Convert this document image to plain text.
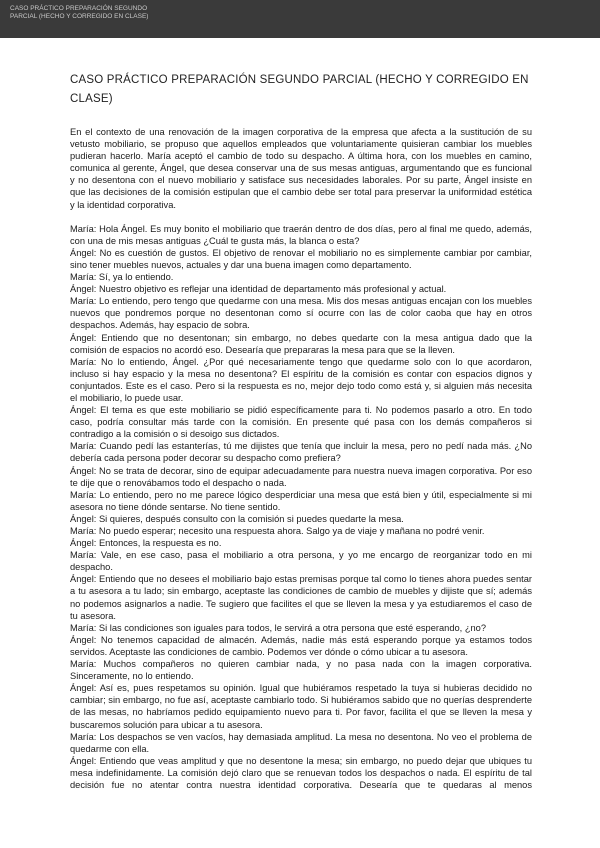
CASO PRÁCTICO PREPARACIÓN SEGUNDO PARCIAL (HECHO Y CORREGIDO EN CLASE)
CASO PRÁCTICO PREPARACIÓN SEGUNDO PARCIAL (HECHO Y CORREGIDO EN CLASE)

En el contexto de una renovación de la imagen corporativa de la empresa que afecta a la sustitución de su vetusto mobiliario, se propuso que aquellos empleados que voluntariamente quisieran cambiar los muebles pudieran hacerlo. María aceptó el cambio de todo su despacho. A última hora, con los muebles en camino, comunica al gerente, Ángel, que desea conservar una de sus mesas antiguas, argumentando que es funcional y no desentona con el nuevo mobiliario y satisface sus necesidades laborales. Por su parte, Ángel insiste en que las decisiones de la comisión estipulan que el cambio debe ser total para preservar la uniformidad estética y la identidad corporativa.

María: Hola Ángel. Es muy bonito el mobiliario que traerán dentro de dos días, pero al final me quedo, además, con una de mis mesas antiguas ¿Cuál te gusta más, la blanca o esta?

Ángel: No es cuestión de gustos. El objetivo de renovar el mobiliario no es simplemente cambiar por cambiar, sino tener muebles nuevos, actuales y dar una buena imagen como departamento.

María: Sí, ya lo entiendo.

Ángel: Nuestro objetivo es reflejar una identidad de departamento más profesional y actual.

María: Lo entiendo, pero tengo que quedarme con una mesa. Mis dos mesas antiguas encajan con los muebles nuevos que pondremos porque no desentonan como sí ocurre con las de color caoba que hay en otros despachos. Además, hay espacio de sobra.

Ángel: Entiendo que no desentonan; sin embargo, no debes quedarte con la mesa antigua dado que la comisión de espacios no acordó eso. Desearía que prepararas la mesa para que se la lleven.

María: No lo entiendo, Ángel. ¿Por qué necesariamente tengo que quedarme solo con lo que acordaron, incluso si hay espacio y la mesa no desentona? El espíritu de la comisión es contar con espacios dignos y conjuntados. Este es el caso. Pero si la respuesta es no, mejor dejo todo como está y, si alguien más necesita el mobiliario, lo puede usar.

Ángel: El tema es que este mobiliario se pidió específicamente para ti. No podemos pasarlo a otro. En todo caso, podría consultar más tarde con la comisión. En presente qué pasa con los demás compañeros si contradigo a la comisión o si desoigo sus dictados.

María: Cuando pedí las estanterías, tú me dijistes que tenía que incluir la mesa, pero no pedí nada más. ¿No debería cada persona poder decorar su despacho como prefiera?

Ángel: No se trata de decorar, sino de equipar adecuadamente para nuestra nueva imagen corporativa. Por eso te dije que o renovábamos todo el despacho o nada.

María: Lo entiendo, pero no me parece lógico desperdiciar una mesa que está bien y útil, especialmente si mi asesora no tiene dónde sentarse. No tiene sentido.

Ángel: Si quieres, después consulto con la comisión si puedes quedarte la mesa.

María: No puedo esperar; necesito una respuesta ahora. Salgo ya de viaje y mañana no podré venir.

Ángel: Entonces, la respuesta es no.

María: Vale, en ese caso, pasa el mobiliario a otra persona, y yo me encargo de reorganizar todo en mi despacho.

Ángel: Entiendo que no desees el mobiliario bajo estas premisas porque tal como lo tienes ahora puedes sentar a tu asesora a tu lado; sin embargo, aceptaste las condiciones de cambio de muebles y dijiste que sí; además no podemos asignarlos a nadie. Te sugiero que facilites el que se lleven la mesa y ya estudiaremos el caso de tu asesora.

María: Si las condiciones son iguales para todos, le servirá a otra persona que esté esperando, ¿no?

Ángel: No tenemos capacidad de almacén. Además, nadie más está esperando porque ya estamos todos servidos. Aceptaste las condiciones de cambio. Podemos ver dónde o cómo ubicar a tu asesora.

María: Muchos compañeros no quieren cambiar nada, y no pasa nada con la imagen corporativa. Sinceramente, no lo entiendo.

Ángel: Así es, pues respetamos su opinión. Igual que hubiéramos respetado la tuya si hubieras decidido no cambiar; sin embargo, no fue así, aceptaste cambiarlo todo. Si hubiéramos sabido que no querías desprenderte de las mesas, no habríamos pedido equipamiento nuevo para ti. Por favor, facilita el que se lleven la mesa y buscaremos solución para ubicar a tu asesora.

María: Los despachos se ven vacíos, hay demasiada amplitud. La mesa no desentona. No veo el problema de quedarme con ella.

Ángel: Entiendo que veas amplitud y que no desentone la mesa; sin embargo, no puedo dejar que ubiques tu mesa indefinidamente. La comisión dejó claro que se renuevan todos los despachos o nada. El espíritu de tal decisión fue no atentar contra nuestra identidad corporativa. Desearía que te quedaras al menos
